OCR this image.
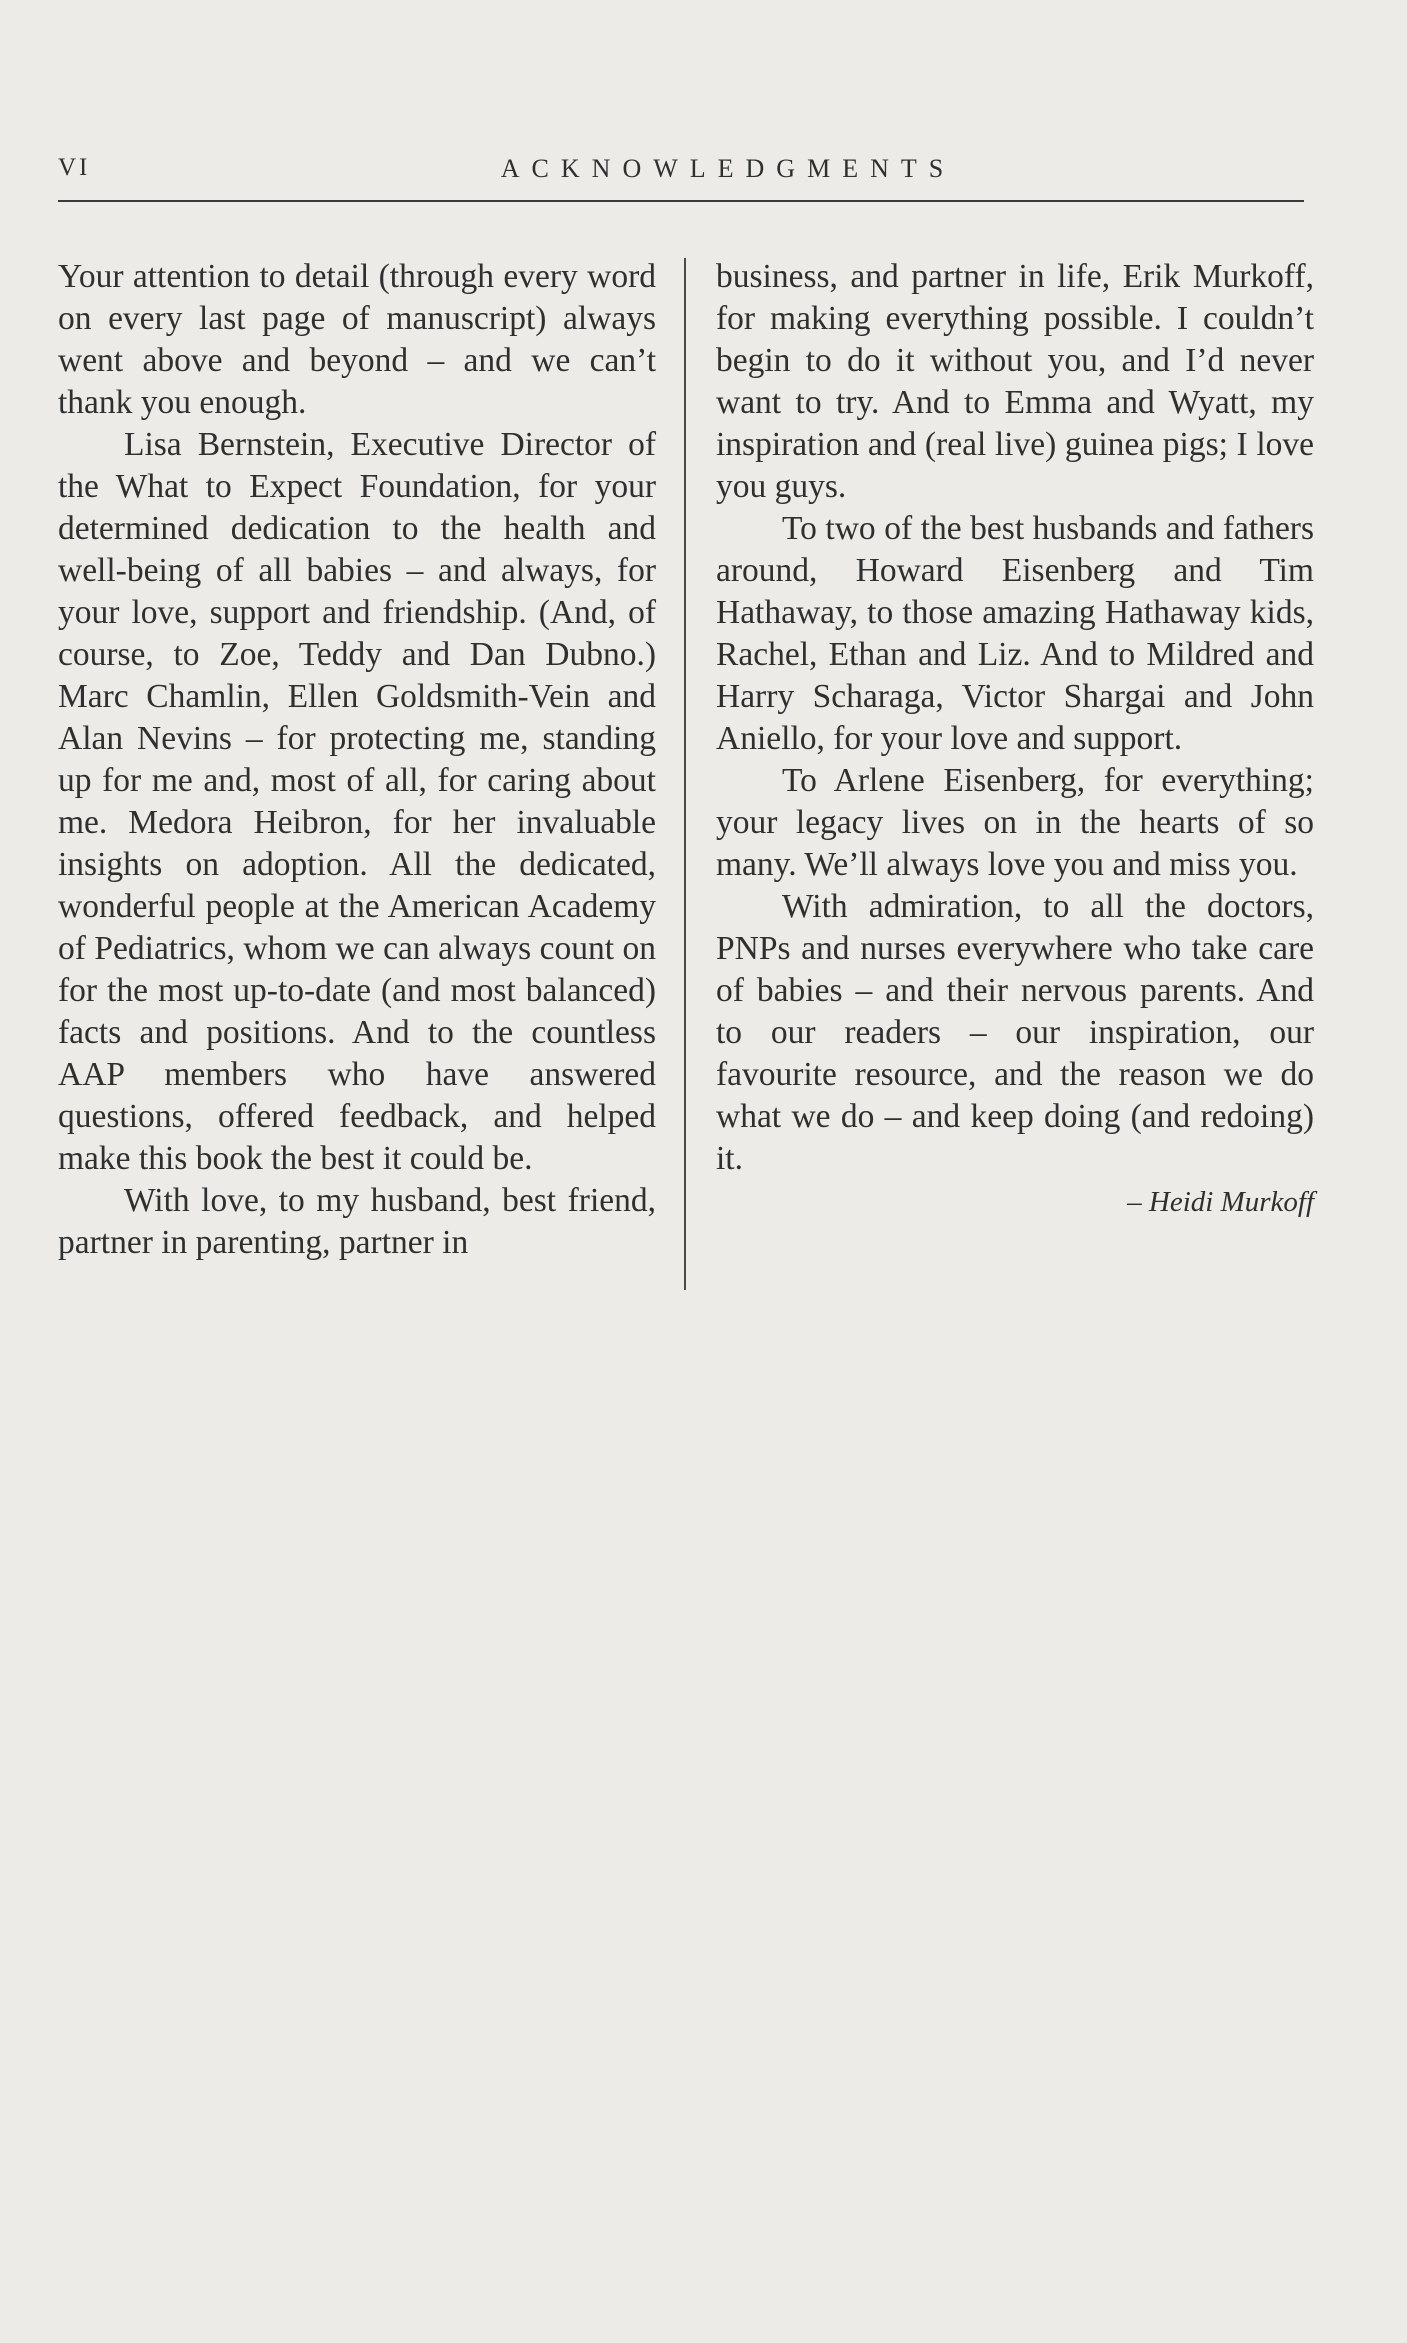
VI	ACKNOWLEDGMENTS

Your attention to detail (through every word on every last page of manuscript) always went above and beyond – and we can’t thank you enough.

Lisa Bernstein, Executive Director of the What to Expect Foundation, for your determined dedication to the health and well-being of all babies – and always, for your love, support and friendship. (And, of course, to Zoe, Teddy and Dan Dubno.) Marc Chamlin, Ellen Goldsmith-Vein and Alan Nevins – for protecting me, standing up for me and, most of all, for caring about me. Medora Heibron, for her invaluable insights on adoption. All the dedicated, wonderful people at the American Academy of Pediatrics, whom we can always count on for the most up-to-date (and most balanced) facts and positions. And to the countless AAP members who have answered questions, offered feedback, and helped make this book the best it could be.

With love, to my husband, best friend, partner in parenting, partner in

business, and partner in life, Erik Murkoff, for making everything possible. I couldn’t begin to do it without you, and I’d never want to try. And to Emma and Wyatt, my inspiration and (real live) guinea pigs; I love you guys.

To two of the best husbands and fathers around, Howard Eisenberg and Tim Hathaway, to those amazing Hathaway kids, Rachel, Ethan and Liz. And to Mildred and Harry Scharaga, Victor Shargai and John Aniello, for your love and support.

To Arlene Eisenberg, for everything; your legacy lives on in the hearts of so many. We’ll always love you and miss you.

With admiration, to all the doctors, PNPs and nurses everywhere who take care of babies – and their nervous parents. And to our readers – our inspiration, our favourite resource, and the reason we do what we do – and keep doing (and redoing) it.

– Heidi Murkoff
